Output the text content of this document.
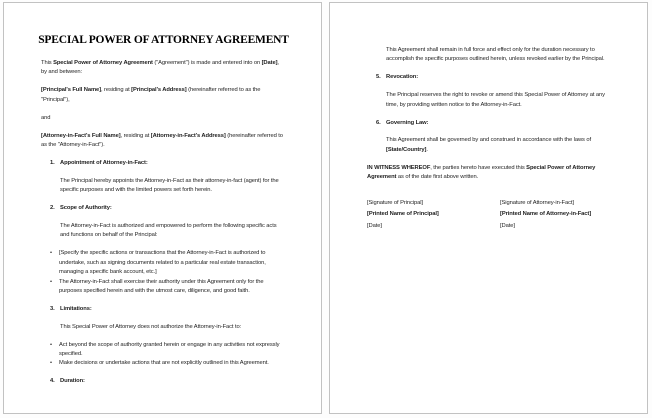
SPECIAL POWER OF ATTORNEY AGREEMENT
This Special Power of Attorney Agreement ("Agreement") is made and entered into on [Date], by and between:
[Principal's Full Name], residing at [Principal's Address] (hereinafter referred to as the "Principal"),
and
[Attorney-in-Fact's Full Name], residing at [Attorney-in-Fact's Address] (hereinafter referred to as the "Attorney-in-Fact").
1. Appointment of Attorney-in-Fact:
The Principal hereby appoints the Attorney-in-Fact as their attorney-in-fact (agent) for the specific purposes and with the limited powers set forth herein.
2. Scope of Authority:
The Attorney-in-Fact is authorized and empowered to perform the following specific acts and functions on behalf of the Principal:
•	[Specify the specific actions or transactions that the Attorney-in-Fact is authorized to undertake, such as signing documents related to a particular real estate transaction, managing a specific bank account, etc.]
•	The Attorney-in-Fact shall exercise their authority under this Agreement only for the purposes specified herein and with the utmost care, diligence, and good faith.
3. Limitations:
This Special Power of Attorney does not authorize the Attorney-in-Fact to:
•	Act beyond the scope of authority granted herein or engage in any activities not expressly specified.
•	Make decisions or undertake actions that are not explicitly outlined in this Agreement.
4. Duration:
This Agreement shall remain in full force and effect only for the duration necessary to accomplish the specific purposes outlined herein, unless revoked earlier by the Principal.
5. Revocation:
The Principal reserves the right to revoke or amend this Special Power of Attorney at any time, by providing written notice to the Attorney-in-Fact.
6. Governing Law:
This Agreement shall be governed by and construed in accordance with the laws of [State/Country].
IN WITNESS WHEREOF, the parties hereto have executed this Special Power of Attorney Agreement as of the date first above written.
[Signature of Principal]	[Signature of Attorney-in-Fact]
[Printed Name of Principal]	[Printed Name of Attorney-in-Fact]
[Date]	[Date]
